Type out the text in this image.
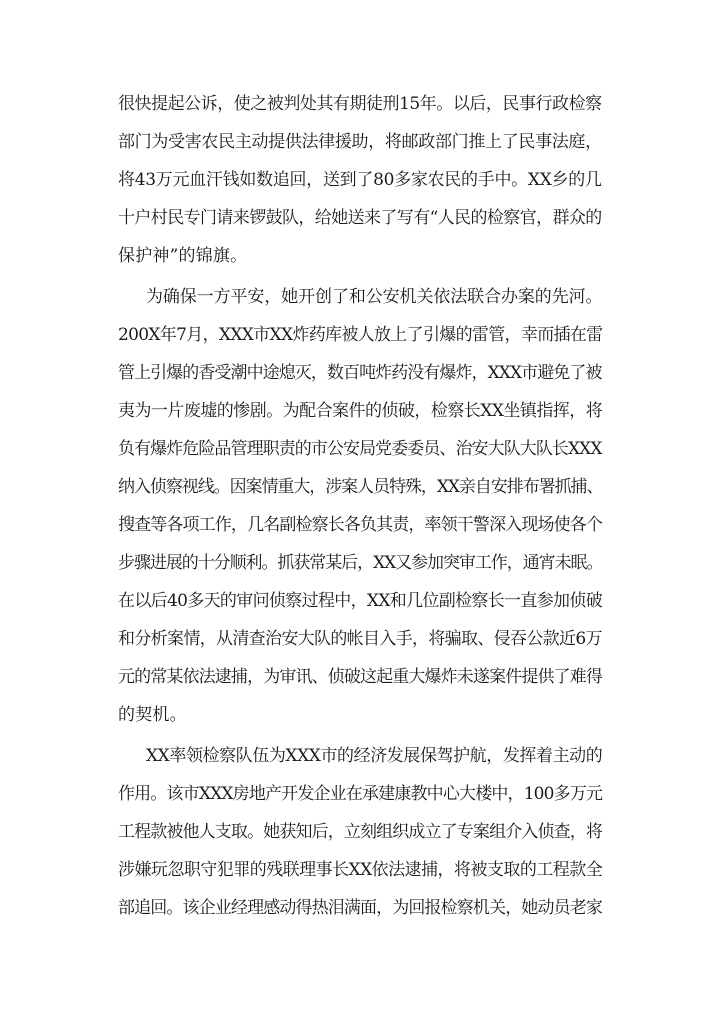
很快提起公诉，使之被判处其有期徒刑15年。以后，民事行政检察
部门为受害农民主动提供法律援助，将邮政部门推上了民事法庭，
将43万元血汗钱如数追回，送到了80多家农民的手中。XX乡的几
十户村民专门请来锣鼓队，给她送来了写有“人民的检察官，群众的
保护神”的锦旗。
为确保一方平安，她开创了和公安机关依法联合办案的先河。
200X年7月，XXX市XX炸药库被人放上了引爆的雷管，幸而插在雷
管上引爆的香受潮中途熄灭，数百吨炸药没有爆炸，XXX市避免了被
夷为一片废墟的惨剧。为配合案件的侦破，检察长XX坐镇指挥，将
负有爆炸危险品管理职责的市公安局党委委员、治安大队大队长XXX
纳入侦察视线。因案情重大，涉案人员特殊，XX亲自安排布署抓捕、
搜查等各项工作，几名副检察长各负其责，率领干警深入现场使各个
步骤进展的十分顺利。抓获常某后，XX又参加突审工作，通宵未眠。
在以后40多天的审问侦察过程中，XX和几位副检察长一直参加侦破
和分析案情，从清查治安大队的帐目入手，将骗取、侵吞公款近6万
元的常某依法逮捕，为审讯、侦破这起重大爆炸未遂案件提供了难得
的契机。
XX率领检察队伍为XXX市的经济发展保驾护航，发挥着主动的
作用。该市XXX房地产开发企业在承建康教中心大楼中，100多万元
工程款被他人支取。她获知后，立刻组织成立了专案组介入侦查，将
涉嫌玩忽职守犯罪的残联理事长XX依法逮捕，将被支取的工程款全
部追回。该企业经理感动得热泪满面，为回报检察机关，她动员老家
